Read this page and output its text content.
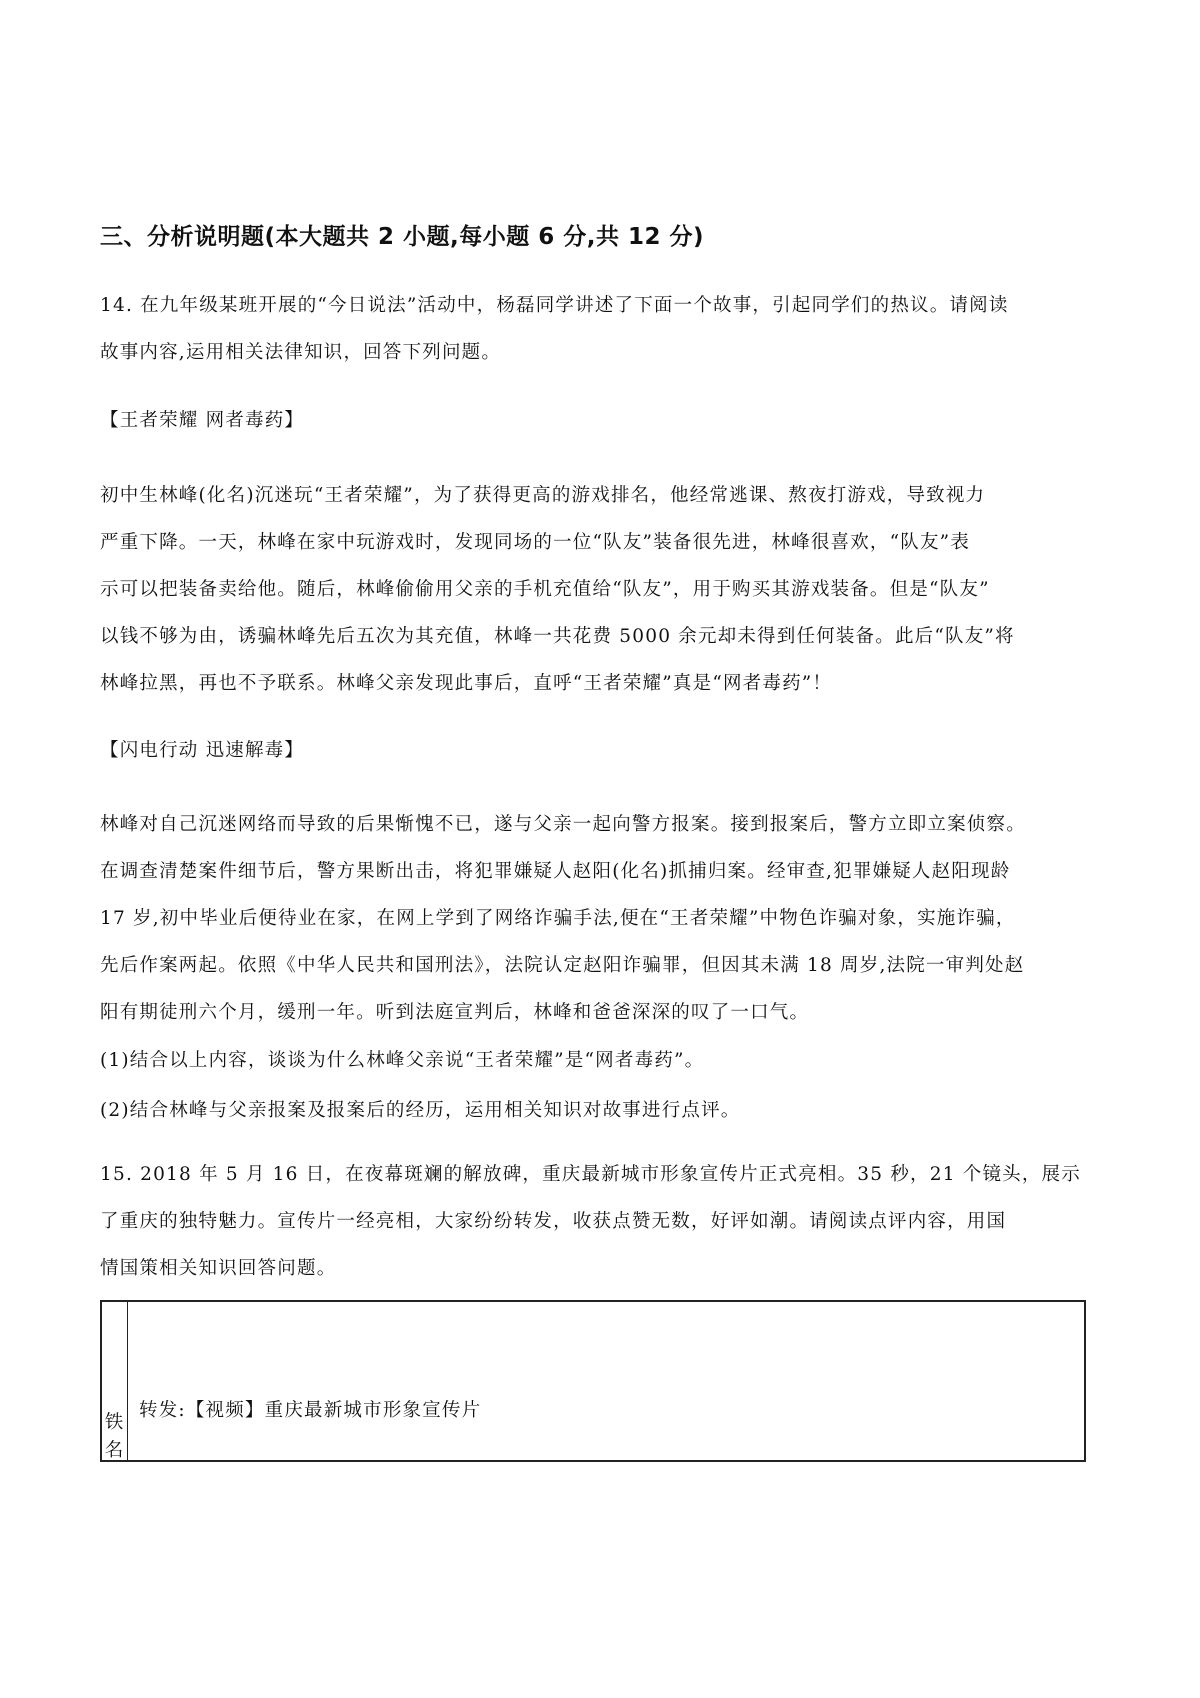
三、分析说明题(本大题共 2 小题,每小题 6 分,共 12 分)
14. 在九年级某班开展的“今日说法”活动中，杨磊同学讲述了下面一个故事，引起同学们的热议。请阅读
故事内容,运用相关法律知识，回答下列问题。
【王者荣耀 网者毒药】
初中生林峰(化名)沉迷玩“王者荣耀”，为了获得更高的游戏排名，他经常逃课、熬夜打游戏，导致视力
严重下降。一天，林峰在家中玩游戏时，发现同场的一位“队友”装备很先进，林峰很喜欢，“队友”表
示可以把装备卖给他。随后，林峰偷偷用父亲的手机充值给“队友”，用于购买其游戏装备。但是“队友”
以钱不够为由，诱骗林峰先后五次为其充值，林峰一共花费 5000 余元却未得到任何装备。此后“队友”将
林峰拉黑，再也不予联系。林峰父亲发现此事后，直呼“王者荣耀”真是“网者毒药”！
【闪电行动 迅速解毒】
林峰对自己沉迷网络而导致的后果惭愧不已，遂与父亲一起向警方报案。接到报案后，警方立即立案侦察。
在调查清楚案件细节后，警方果断出击，将犯罪嫌疑人赵阳(化名)抓捕归案。经审查,犯罪嫌疑人赵阳现龄
17 岁,初中毕业后便待业在家，在网上学到了网络诈骗手法,便在“王者荣耀”中物色诈骗对象，实施诈骗，
先后作案两起。依照《中华人民共和国刑法》，法院认定赵阳诈骗罪，但因其未满 18 周岁,法院一审判处赵
阳有期徒刑六个月，缓刑一年。听到法庭宣判后，林峰和爸爸深深的叹了一口气。
(1)结合以上内容，谈谈为什么林峰父亲说“王者荣耀”是“网者毒药”。
(2)结合林峰与父亲报案及报案后的经历，运用相关知识对故事进行点评。
15. 2018 年 5 月 16 日，在夜幕斑斓的解放碑，重庆最新城市形象宣传片正式亮相。35 秒，21 个镜头，展示
了重庆的独特魅力。宣传片一经亮相，大家纷纷转发，收获点赞无数，好评如潮。请阅读点评内容，用国
情国策相关知识回答问题。
铁
名
转发:【视频】重庆最新城市形象宣传片
